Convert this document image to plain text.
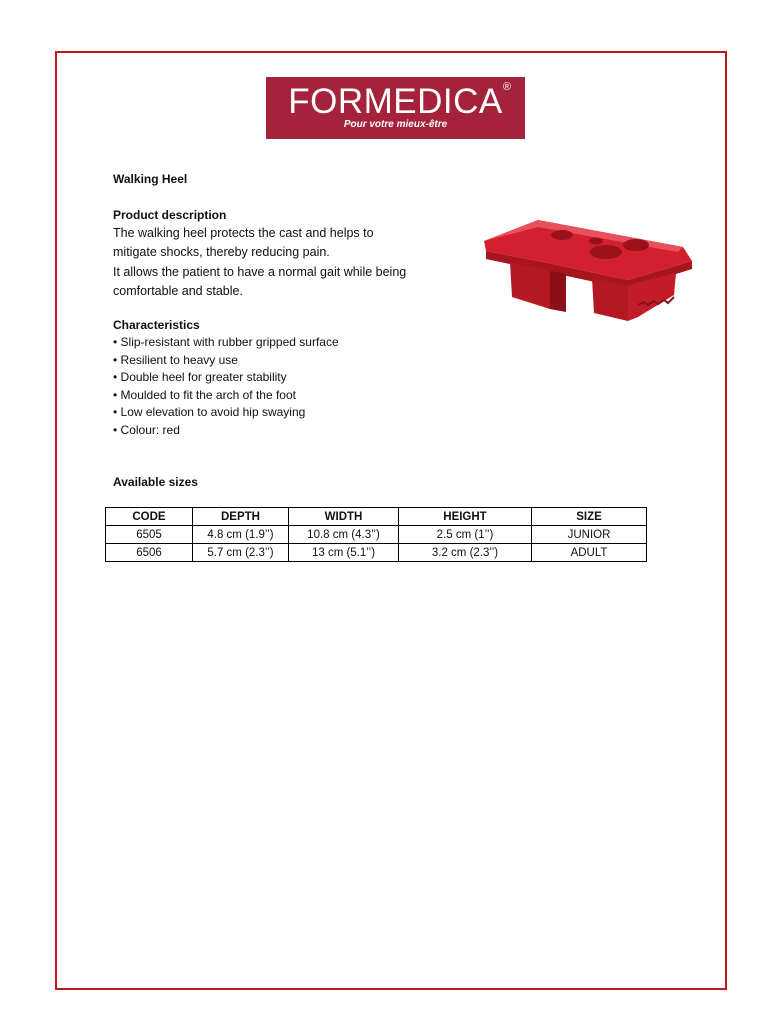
FORMEDICA ®
Pour votre mieux-être
Walking Heel
Product description
The walking heel protects the cast and helps to
mitigate shocks, thereby reducing pain.
It allows the patient to have a normal gait while being
comfortable and stable.
Characteristics
• Slip-resistant with rubber gripped surface
• Resilient to heavy use
• Double heel for greater stability
• Moulded to fit the arch of the foot
• Low elevation to avoid hip swaying
• Colour: red
Available sizes
CODE	DEPTH	WIDTH	HEIGHT	SIZE
6505	4.8 cm (1.9’’)	10.8 cm (4.3’’)	2.5 cm (1’’)	JUNIOR
6506	5.7 cm (2.3’’)	13 cm (5.1’’)	3.2 cm (2.3’’)	ADULT
